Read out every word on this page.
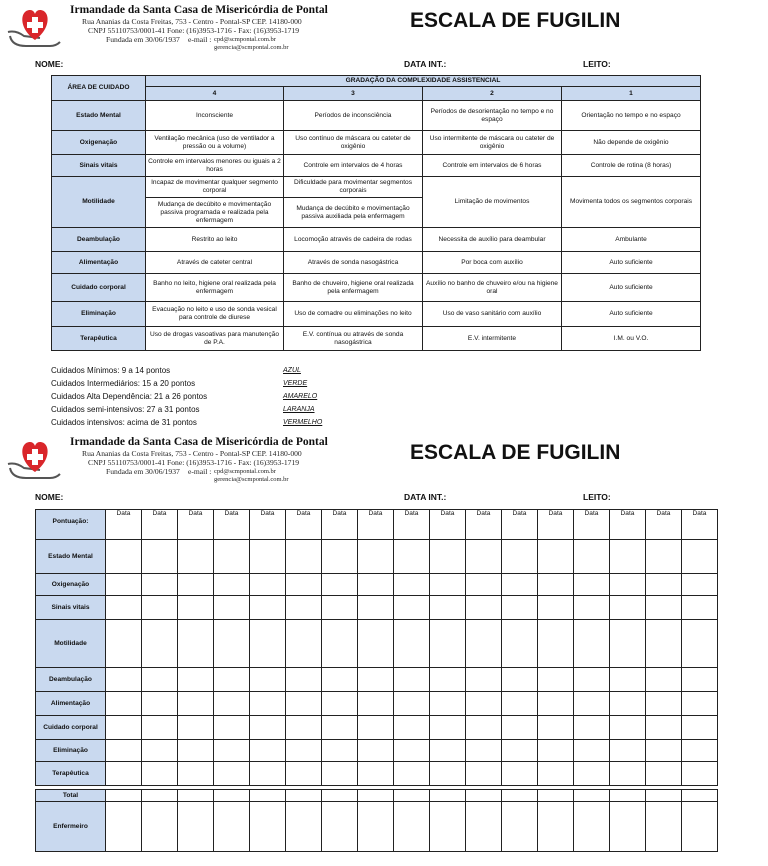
Irmandade da Santa Casa de Misericórdia de Pontal
Rua Ananias da Costa Freitas, 753 - Centro - Pontal-SP CEP. 14180-000
CNPJ 55110753/0001-41 Fone: (16)3953-1716 - Fax: (16)3953-1719
Fundada em 30/06/1937 e-mail : cpd@scmpontal.com.br
gerencia@scmpontal.com.br
ESCALA DE FUGILIN
NOME:	DATA INT.:	LEITO:
ÁREA DE CUIDADO	GRADAÇÃO DA COMPLEXIDADE ASSISTENCIAL			
	4	3	2	1
Estado Mental	Inconsciente	Períodos de inconsciência	Períodos de desorientação no tempo e no espaço	Orientação no tempo e no espaço
Oxigenação	Ventilação mecânica (uso de ventilador a pressão ou a volume)	Uso contínuo de máscara ou cateter de oxigênio	Uso intermitente de máscara ou cateter de oxigênio	Não depende de oxigênio
Sinais vitais	Controle em intervalos menores ou iguais a 2 horas	Controle em intervalos de 4 horas	Controle em intervalos de 6 horas	Controle de rotina (8 horas)
Motilidade	Incapaz de movimentar qualquer segmento corporal	Dificuldade para movimentar segmentos corporais	Limitação de movimentos	Movimenta todos os segmentos corporais
	Mudança de decúbito e movimentação passiva programada e realizada pela enfermagem	Mudança de decúbito e movimentação passiva auxiliada pela enfermagem		
Deambulação	Restrito ao leito	Locomoção através de cadeira de rodas	Necessita de auxílio para deambular	Ambulante
Alimentação	Através de cateter central	Através de sonda nasogástrica	Por boca com auxílio	Auto suficiente
Cuidado corporal	Banho no leito, higiene oral realizada pela enfermagem	Banho de chuveiro, higiene oral realizada pela enfermagem	Auxílio no banho de chuveiro e/ou na higiene oral	Auto suficiente
Eliminação	Evacuação no leito e uso de sonda vesical para controle de diurese	Uso de comadre ou eliminações no leito	Uso de vaso sanitário com auxílio	Auto suficiente
Terapêutica	Uso de drogas vasoativas para manutenção de P.A.	E.V. contínua ou através de sonda nasogástrica	E.V. intermitente	I.M. ou V.O.
Cuidados Mínimos: 9 a 14 pontos	AZUL
Cuidados Intermediários: 15 a 20 pontos	VERDE
Cuidados Alta Dependência: 21 a 26 pontos	AMARELO
Cuidados semi-intensivos: 27 a 31 pontos	LARANJA
Cuidados intensivos: acima de 31 pontos	VERMELHO
Irmandade da Santa Casa de Misericórdia de Pontal
Rua Ananias da Costa Freitas, 753 - Centro - Pontal-SP CEP. 14180-000
CNPJ 55110753/0001-41 Fone: (16)3953-1716 - Fax: (16)3953-1719
Fundada em 30/06/1937 e-mail : cpd@scmpontal.com.br
gerencia@scmpontal.com.br
ESCALA DE FUGILIN
NOME:	DATA INT.:	LEITO:
Pontuação:	Data	Data	Data	Data	Data	Data	Data	Data	Data	Data	Data	Data	Data	Data	Data	Data	Data
Estado Mental																	
Oxigenação																	
Sinais vitais																	
Motilidade																	
Deambulação																	
Alimentação																	
Cuidado corporal																	
Eliminação																	
Terapêutica																	

Total																	
Enfermeiro																	
